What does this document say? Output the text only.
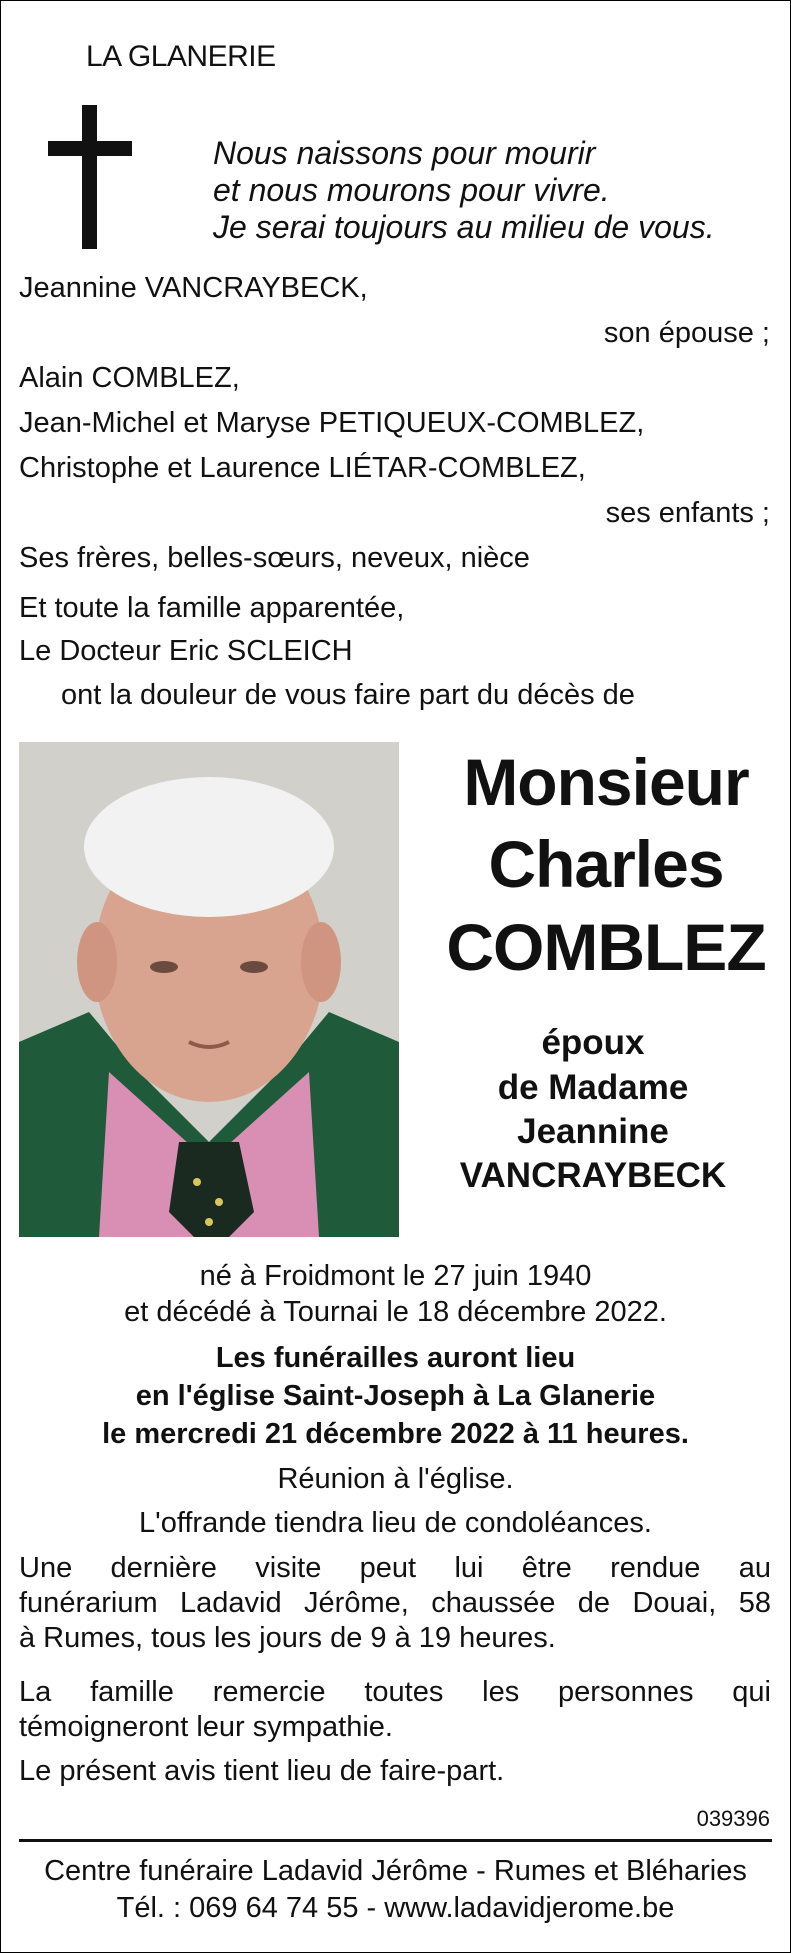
LA GLANERIE
Nous naissons pour mourir
et nous mourons pour vivre.
Je serai toujours au milieu de vous.
Jeannine VANCRAYBECK,
son épouse ;
Alain COMBLEZ,
Jean-Michel et Maryse PETIQUEUX-COMBLEZ,
Christophe et Laurence LIÉTAR-COMBLEZ,
ses enfants ;
Ses frères, belles-sœurs, neveux, nièce
Et toute la famille apparentée,
Le Docteur Eric SCLEICH
ont la douleur de vous faire part du décès de
Monsieur
Charles
COMBLEZ
époux
de Madame
Jeannine
VANCRAYBECK
né à Froidmont le 27 juin 1940
et décédé à Tournai le 18 décembre 2022.
Les funérailles auront lieu
en l'église Saint-Joseph à La Glanerie
le mercredi 21 décembre 2022 à 11 heures.
Réunion à l'église.
L'offrande tiendra lieu de condoléances.
Une dernière visite peut lui être rendue au
funérarium Ladavid Jérôme, chaussée de Douai, 58
à Rumes, tous les jours de 9 à 19 heures.
La famille remercie toutes les personnes qui
témoigneront leur sympathie.
Le présent avis tient lieu de faire-part.
039396
Centre funéraire Ladavid Jérôme - Rumes et Bléharies
Tél. : 069 64 74 55 - www.ladavidjerome.be
